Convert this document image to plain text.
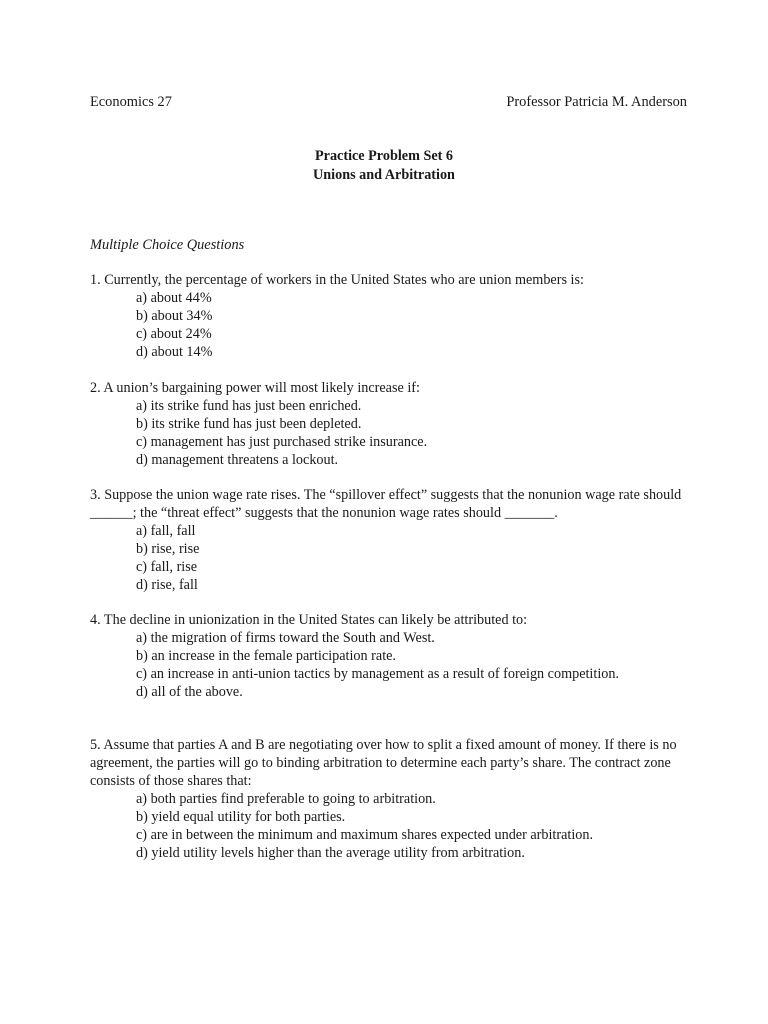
Economics 27	Professor Patricia M. Anderson
Practice Problem Set 6
Unions and Arbitration
Multiple Choice Questions
1. Currently, the percentage of workers in the United States who are union members is:
a) about 44%
b) about 34%
c) about 24%
d) about 14%
2. A union’s bargaining power will most likely increase if:
a) its strike fund has just been enriched.
b) its strike fund has just been depleted.
c) management has just purchased strike insurance.
d) management threatens a lockout.
3. Suppose the union wage rate rises. The “spillover effect” suggests that the nonunion wage rate should ______; the “threat effect” suggests that the nonunion wage rates should _______.
a) fall, fall
b) rise, rise
c) fall, rise
d) rise, fall
4. The decline in unionization in the United States can likely be attributed to:
a) the migration of firms toward the South and West.
b) an increase in the female participation rate.
c) an increase in anti-union tactics by management as a result of foreign competition.
d) all of the above.
5. Assume that parties A and B are negotiating over how to split a fixed amount of money. If there is no agreement, the parties will go to binding arbitration to determine each party’s share. The contract zone consists of those shares that:
a) both parties find preferable to going to arbitration.
b) yield equal utility for both parties.
c) are in between the minimum and maximum shares expected under arbitration.
d) yield utility levels higher than the average utility from arbitration.
